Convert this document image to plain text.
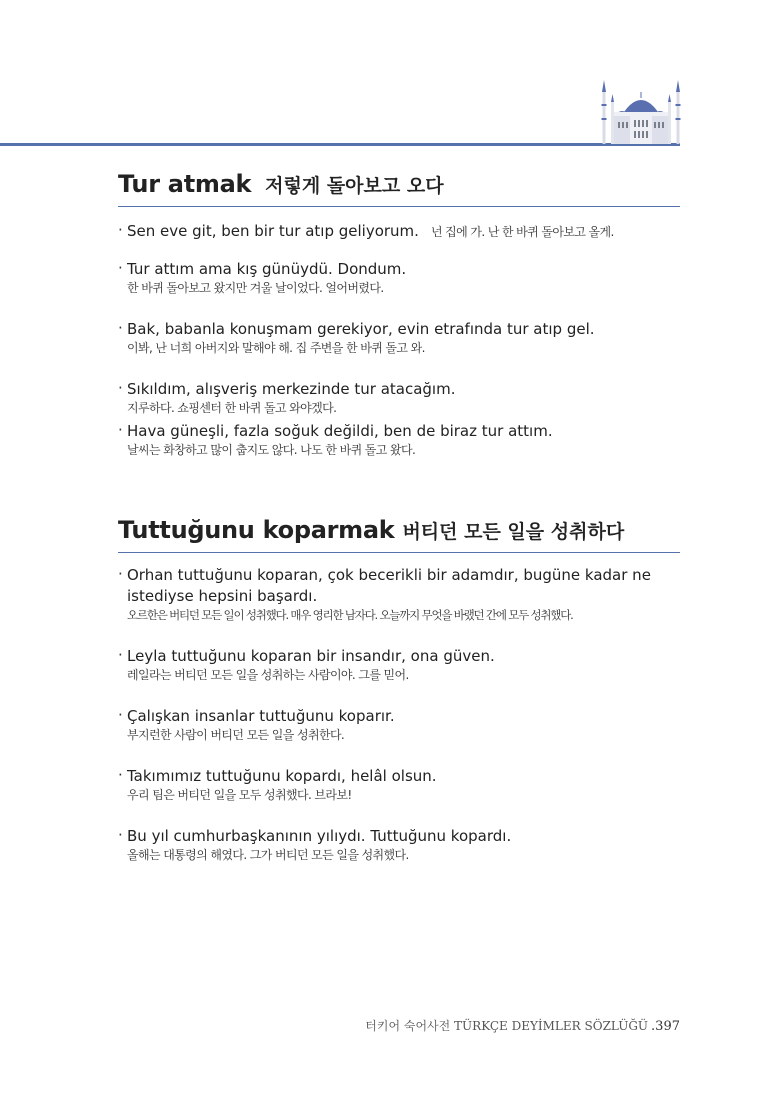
Tur atmak 저렇게 돌아보고 오다
· Sen eve git, ben bir tur atıp geliyorum. 넌 집에 가. 난 한 바퀴 돌아보고 올게.
· Tur attım ama kış günüydü. Dondum.
한 바퀴 돌아보고 왔지만 겨울 날이었다. 얼어버렸다.
· Bak, babanla konuşmam gerekiyor, evin etrafında tur atıp gel.
이봐, 난 너희 아버지와 말해야 해. 집 주변을 한 바퀴 돌고 와.
· Sıkıldım, alışveriş merkezinde tur atacağım.
지루하다. 쇼핑센터 한 바퀴 돌고 와야겠다.
· Hava güneşli, fazla soğuk değildi, ben de biraz tur attım.
날씨는 화창하고 많이 춥지도 않다. 나도 한 바퀴 돌고 왔다.
Tuttuğunu koparmak 버티던 모든 일을 성취하다
· Orhan tuttuğunu koparan, çok becerikli bir adamdır, bugüne kadar ne istediyse hepsini başardı.
오르한은 버티던 모든 일이 성취했다. 매우 영리한 남자다. 오늘까지 무엇을 바랬던 간에 모두 성취했다.
· Leyla tuttuğunu koparan bir insandır, ona güven.
레일라는 버티던 모든 일을 성취하는 사람이야. 그를 믿어.
· Çalışkan insanlar tuttuğunu koparır.
부지런한 사람이 버티던 모든 일을 성취한다.
· Takımımız tuttuğunu kopardı, helâl olsun.
우리 팀은 버티던 일을 모두 성취했다. 브라보!
· Bu yıl cumhurbaşkanının yılıydı. Tuttuğunu kopardı.
올해는 대통령의 해였다. 그가 버티던 모든 일을 성취했다.
터키어 숙어사전 TÜRKÇE DEYİMLER SÖZLÜĞÜ .397
